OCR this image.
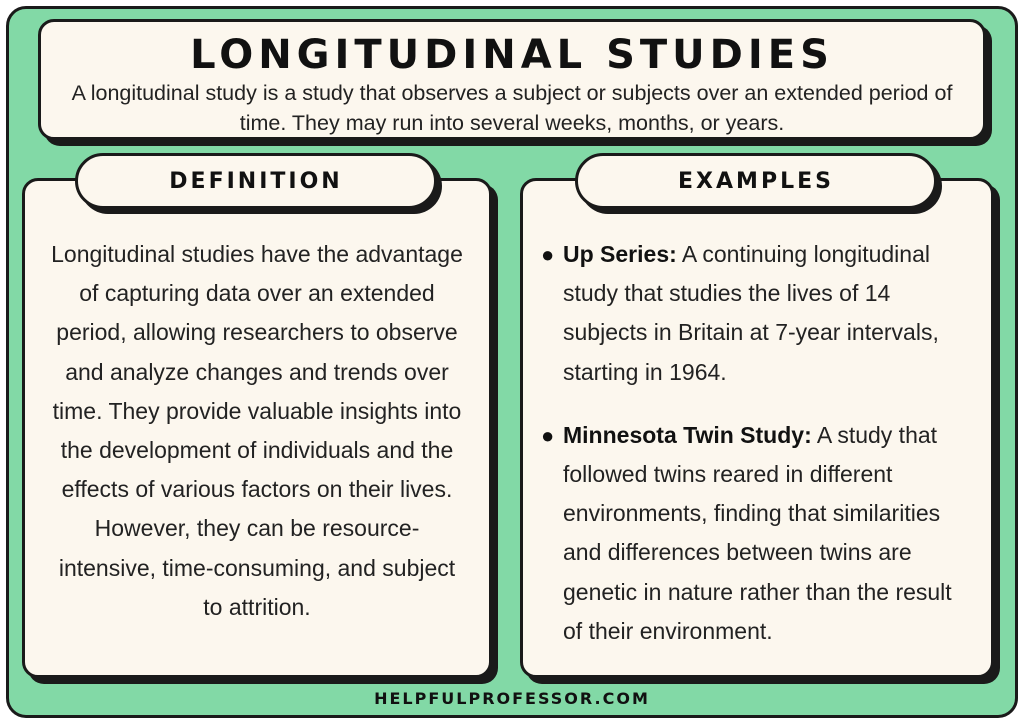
LONGITUDINAL STUDIES
A longitudinal study is a study that observes a subject or subjects over an extended period of time. They may run into several weeks, months, or years.
Longitudinal studies have the advantage of capturing data over an extended period, allowing researchers to observe and analyze changes and trends over time. They provide valuable insights into the development of individuals and the effects of various factors on their lives. However, they can be resource-intensive, time-consuming, and subject to attrition.
DEFINITION
● Up Series: A continuing longitudinal study that studies the lives of 14 subjects in Britain at 7-year intervals, starting in 1964.
● Minnesota Twin Study: A study that followed twins reared in different environments, finding that similarities and differences between twins are genetic in nature rather than the result of their environment.
EXAMPLES
HELPFULPROFESSOR.COM
